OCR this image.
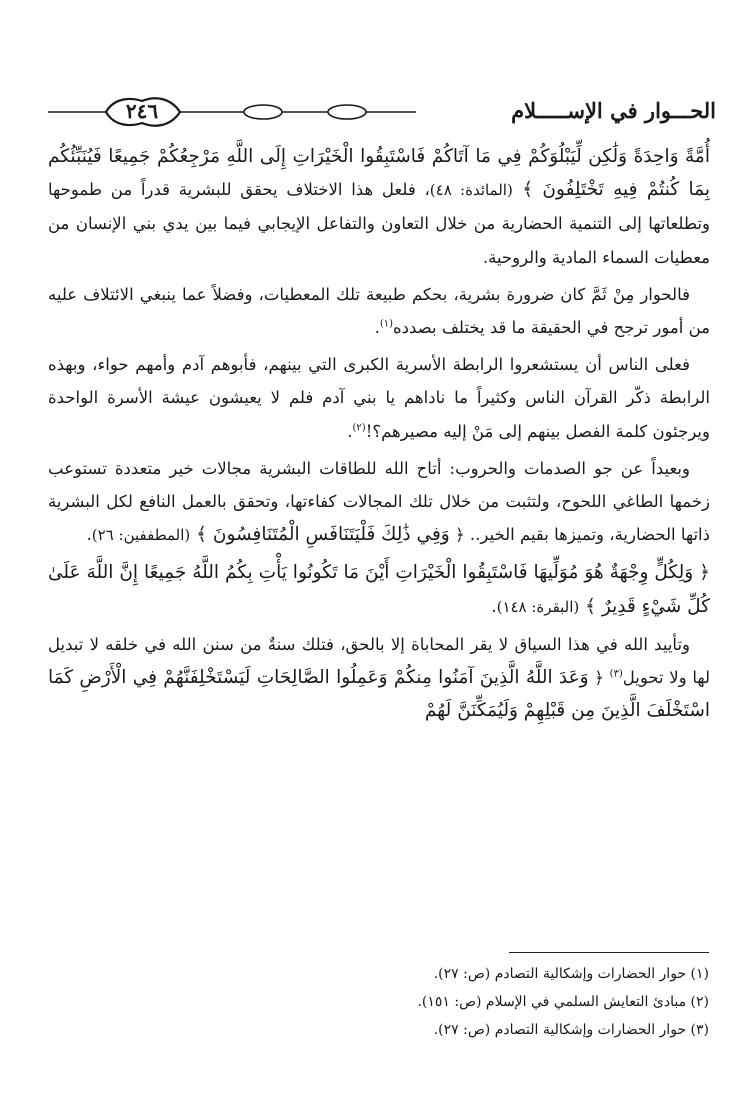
الحـــوار في الإســـــلام
٢٤٦

أُمَّةً وَاحِدَةً وَلَٰكِن لِّيَبْلُوَكُمْ فِي مَا آتَاكُمْ فَاسْتَبِقُوا الْخَيْرَاتِ إِلَى اللَّهِ مَرْجِعُكُمْ جَمِيعًا فَيُنَبِّئُكُم بِمَا كُنتُمْ فِيهِ تَخْتَلِفُونَ ﴾ (المائدة: ٤٨)، فلعل هذا الاختلاف يحقق للبشرية قدراً من طموحها وتطلعاتها إلى التنمية الحضارية من خلال التعاون والتفاعل الإيجابي فيما بين يدي بني الإنسان من معطيات السماء المادية والروحية.

فالحوار مِنْ ثَمَّ كان ضرورة بشرية، بحكم طبيعة تلك المعطيات، وفضلاً عما ينبغي الائتلاف عليه من أمور ترجح في الحقيقة ما قد يختلف بصدده$^{(١)}$.

فعلى الناس أن يستشعروا الرابطة الأسرية الكبرى التي بينهم، فأبوهم آدم وأمهم حواء، وبهذه الرابطة ذكّر القرآن الناس وكثيراً ما ناداهم يا بني آدم فلم لا يعيشون عيشة الأسرة الواحدة ويرجئون كلمة الفصل بينهم إلى مَنْ إليه مصيرهم؟!$^{(٢)}$.

وبعيداً عن جو الصدمات والحروب: أتاح الله للطاقات البشرية مجالات خير متعددة تستوعب زخمها الطاغي اللحوح، ولتثبت من خلال تلك المجالات كفاءتها، وتحقق بالعمل النافع لكل البشرية ذاتها الحضارية، وتميزها بقيم الخير.. ﴿ وَفِي ذَٰلِكَ فَلْيَتَنَافَسِ الْمُتَنَافِسُونَ ﴾ (المطففين: ٢٦).

﴿ وَلِكُلٍّ وِجْهَةٌ هُوَ مُوَلِّيهَا فَاسْتَبِقُوا الْخَيْرَاتِ أَيْنَ مَا تَكُونُوا يَأْتِ بِكُمُ اللَّهُ جَمِيعًا إِنَّ اللَّهَ عَلَىٰ كُلِّ شَيْءٍ قَدِيرٌ ﴾ (البقرة: ١٤٨).

وتأييد الله في هذا السياق لا يقر المحاباة إلا بالحق، فتلك سنةٌ من سنن الله في خلقه لا تبديل لها ولا تحويل$^{(٣)}$ ﴿ وَعَدَ اللَّهُ الَّذِينَ آمَنُوا مِنكُمْ وَعَمِلُوا الصَّالِحَاتِ لَيَسْتَخْلِفَنَّهُمْ فِي الْأَرْضِ كَمَا اسْتَخْلَفَ الَّذِينَ مِن قَبْلِهِمْ وَلَيُمَكِّنَنَّ لَهُمْ

(١) حوار الحضارات وإشكالية التصادم (ص: ٢٧).
(٢) مبادئ التعايش السلمي في الإسلام (ص: ١٥١).
(٣) حوار الحضارات وإشكالية التصادم (ص: ٢٧).
